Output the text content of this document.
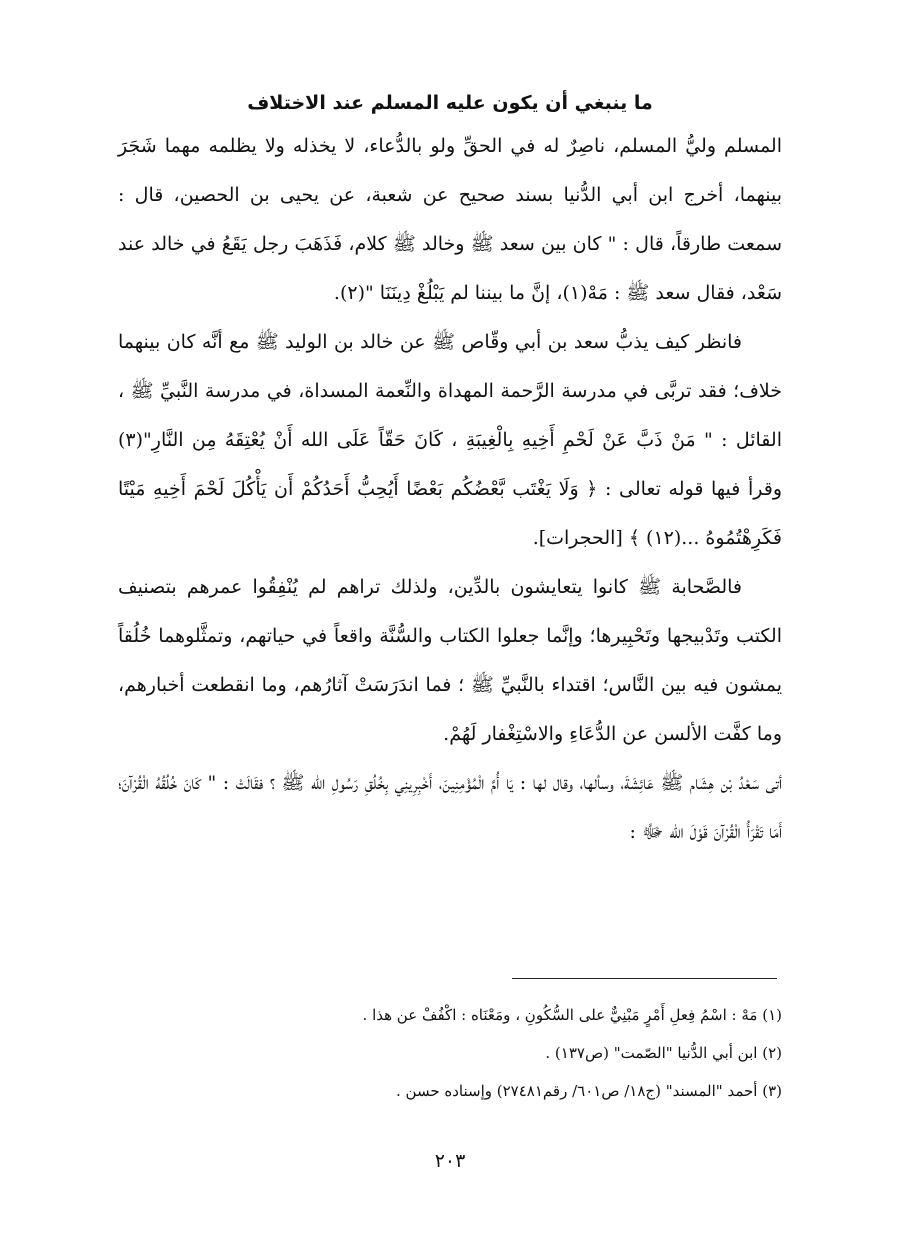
ما ينبغي أن يكون عليه المسلم عند الاختلاف

المسلم وليُّ المسلم، ناصِرٌ له في الحقِّ ولو بالدُّعاء، لا يخذله ولا يظلمه مهما شَجَرَ بينهما، أخرج ابن أبي الدُّنيا بسند صحيح عن شعبة، عن يحيى بن الحصين، قال : سمعت طارقاً، قال : " كان بين سعد ﷺ وخالد ﷺ كلام، فَذَهَبَ رجل يَقَعُ في خالد عند سَعْد، فقال سعد ﷺ : مَهْ(١)، إنَّ ما بيننا لم يَبْلُغْ دِينَنَا "(٢).

فانظر كيف يذبُّ سعد بن أبي وقّاص ﷺ عن خالد بن الوليد ﷺ مع أنَّه كان بينهما خلاف؛ فقد تربَّى في مدرسة الرَّحمة المهداة والنِّعمة المسداة، في مدرسة النَّبيِّ ﷺ ، القائل : " مَنْ ذَبَّ عَنْ لَحْمِ أَخِيهِ بِالْغِيبَةِ ، كَانَ حَقّاً عَلَى الله أَنْ يُعْتِقَهُ مِن النَّارِ"(٣) وقرأ فيها قوله تعالى : ﴿ وَلَا يَغْتَب بَّعْضُكُم بَعْضًا أَيُحِبُّ أَحَدُكُمْ أَن يَأْكُلَ لَحْمَ أَخِيهِ مَيْتًا فَكَرِهْتُمُوهُ ...(١٢) ﴾ [الحجرات].

فالصَّحابة ﷺ كانوا يتعايشون بالدِّين، ولذلك تراهم لم يُنْفِقُوا عمرهم بتصنيف الكتب وتَدْبيجها وتَحْبِيرها؛ وإنَّما جعلوا الكتاب والسُّنَّة واقعاً في حياتهم، وتمثَّلوهما خُلُقاً يمشون فيه بين النَّاس؛ اقتداء بالنَّبيِّ ﷺ ؛ فما اندَرَسَتْ آثارُهم، وما انقطعت أخبارهم، وما كفَّت الألسن عن الدُّعَاءِ والاسْتِغْفار لَهُمْ.

أتى سَعْدُ بْن هِشَام ﷺ عَائِشَةَ، وسألها، وقال لها : يَا أُمَّ الْمُؤْمِنِينَ، أَخْبِرِينِي بِخُلُقِ رَسُولِ الله ﷺ ؟ فقَالَتْ : " كَانَ خُلُقُهُ الْقُرْآنَ؛ أَمَا تَقْرَأُ الْقُرْآنَ قَوْلَ الله ﷻ :

(١) مَهْ : اسْمُ فِعلِ أَمْرٍ مَبْنِيٌّ على السُّكُونِ ، ومَعْنَاه : اكْفُفْ عن هذا .

(٢) ابن أبي الدُّنيا "الصّمت" (ص١٣٧) .

(٣) أحمد "المسند" (ج١٨/ ص٦٠١/ رقم٢٧٤٨١) وإسناده حسن .

٢٠٣
